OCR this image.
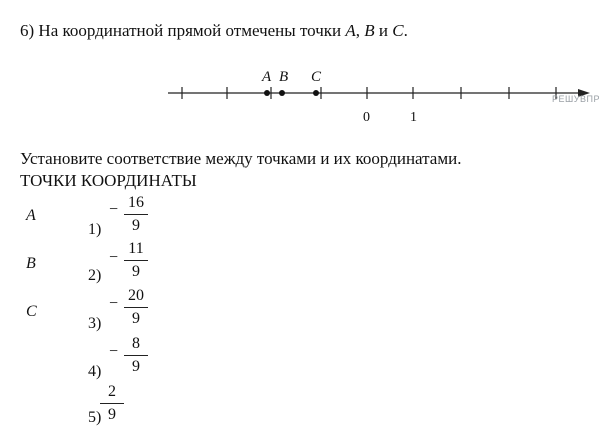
6) На координатной прямой отмечены точки A, B и C.
A B C
0	1
РЕШУВПР
Установите соответствие между точками и их координатами.
ТОЧКИ КООРДИНАТЫ
A
B
C
1)
− 16
9
2)
−
11
9
3)
− 20
9
4)
− 8
9
5)
2
9
